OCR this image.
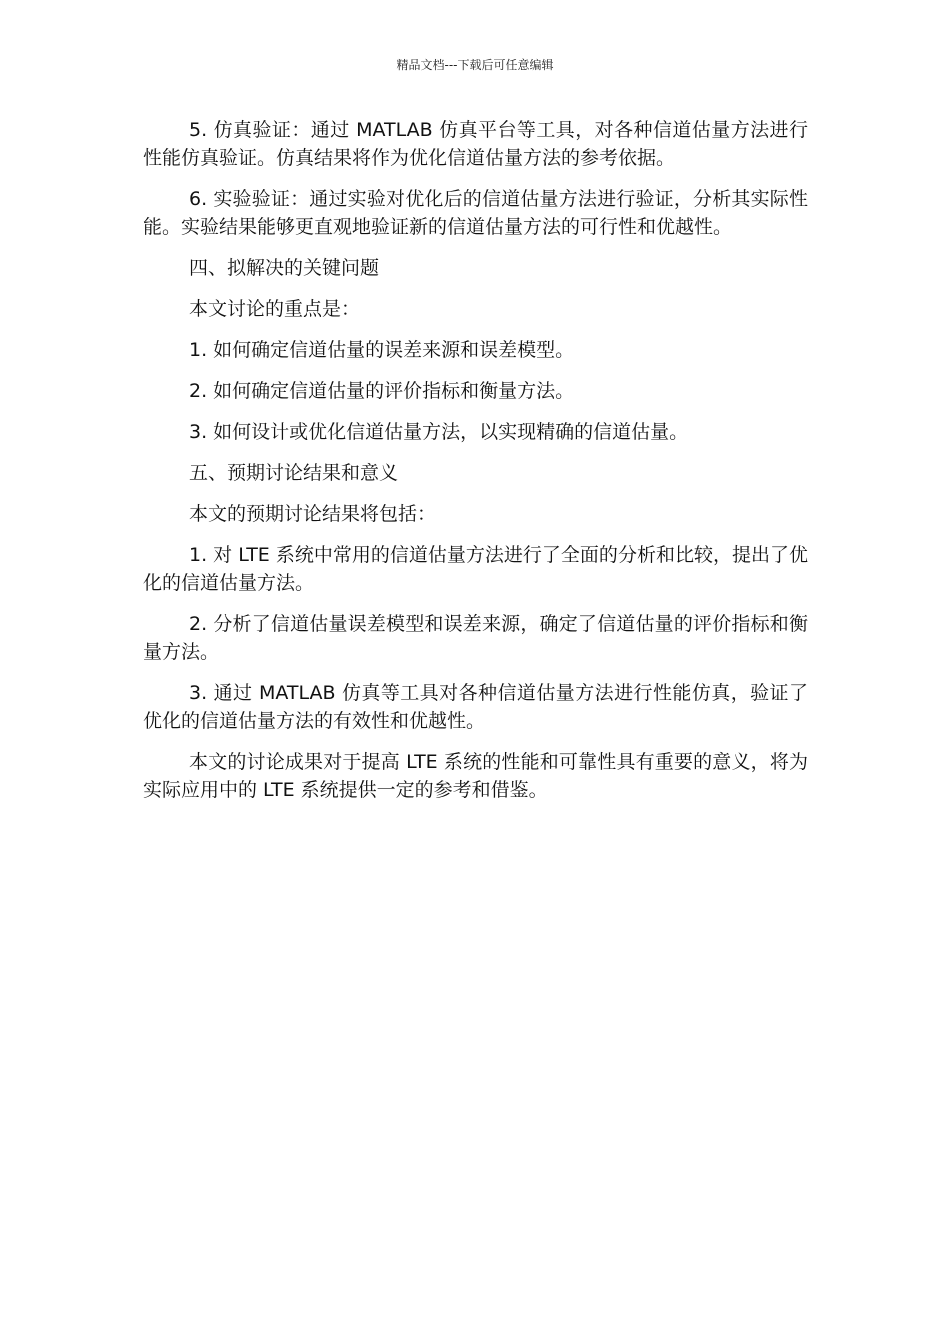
精品文档---下载后可任意编辑

5. 仿真验证：通过 MATLAB 仿真平台等工具，对各种信道估量方法进行性能仿真验证。仿真结果将作为优化信道估量方法的参考依据。

6. 实验验证：通过实验对优化后的信道估量方法进行验证，分析其实际性能。实验结果能够更直观地验证新的信道估量方法的可行性和优越性。

四、拟解决的关键问题

本文讨论的重点是：

1. 如何确定信道估量的误差来源和误差模型。

2. 如何确定信道估量的评价指标和衡量方法。

3. 如何设计或优化信道估量方法，以实现精确的信道估量。

五、预期讨论结果和意义

本文的预期讨论结果将包括：

1. 对 LTE 系统中常用的信道估量方法进行了全面的分析和比较，提出了优化的信道估量方法。

2. 分析了信道估量误差模型和误差来源，确定了信道估量的评价指标和衡量方法。

3. 通过 MATLAB 仿真等工具对各种信道估量方法进行性能仿真，验证了优化的信道估量方法的有效性和优越性。

本文的讨论成果对于提高 LTE 系统的性能和可靠性具有重要的意义，将为实际应用中的 LTE 系统提供一定的参考和借鉴。
